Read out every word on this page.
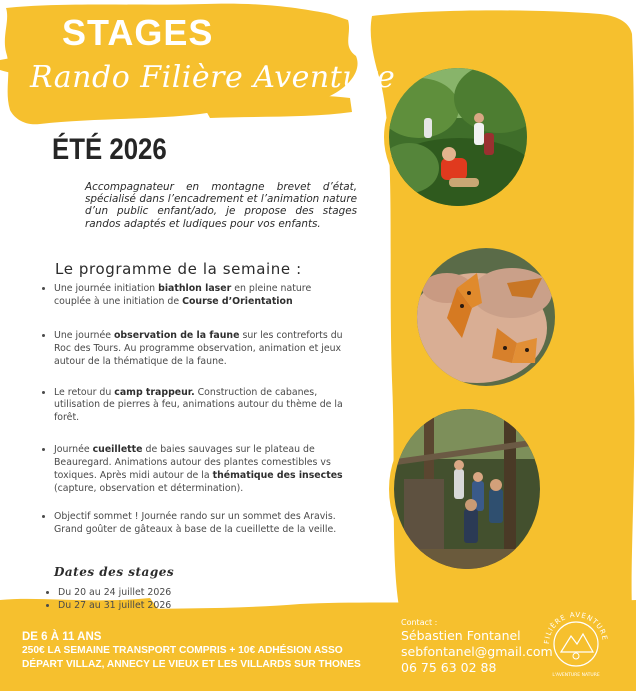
STAGES
Rando Filière Aventure
ÉTÉ 2026
Accompagnateur en montagne brevet d’état, spécialisé dans l’encadrement et l’animation nature d’un public enfant/ado, je propose des stages randos adaptés et ludiques pour vos enfants.
Le programme de la semaine :
• Une journée initiation biathlon laser en pleine nature couplée à une initiation de Course d’Orientation
• Une journée observation de la faune sur les contreforts du Roc des Tours. Au programme observation, animation et jeux autour de la thématique de la faune.
• Le retour du camp trappeur. Construction de cabanes, utilisation de pierres à feu, animations autour du thème de la forêt.
• Journée cueillette de baies sauvages sur le plateau de Beauregard. Animations autour des plantes comestibles vs toxiques. Après midi autour de la thématique des insectes (capture, observation et détermination).
• Objectif sommet ! Journée rando sur un sommet des Aravis. Grand goûter de gâteaux à base de la cueillette de la veille.
Dates des stages
• Du 20 au 24 juillet 2026
• Du 27 au 31 juillet 2026
DE 6 À 11 ANS
250€ LA SEMAINE TRANSPORT COMPRIS + 10€ ADHÉSION ASSO
DÉPART VILLAZ, ANNECY LE VIEUX ET LES VILLARDS SUR THONES
Contact :
Sébastien Fontanel
sebfontanel@gmail.com
06 75 63 02 88
FILIÈRE AVENTURE
L'AVENTURE NATURE
